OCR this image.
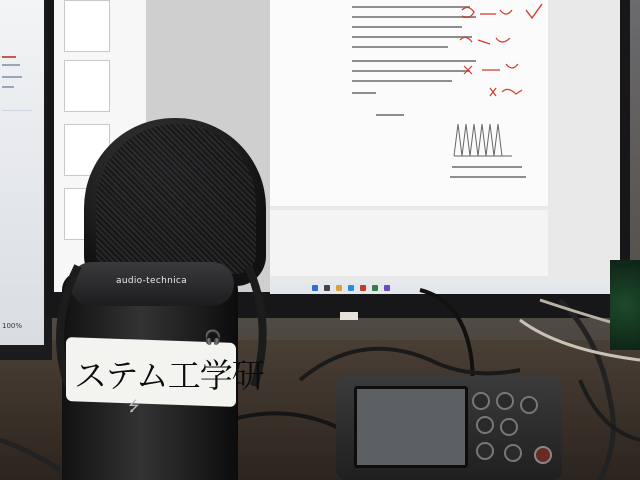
100%
audio-technica
ステム工学研
🎧
⭍
